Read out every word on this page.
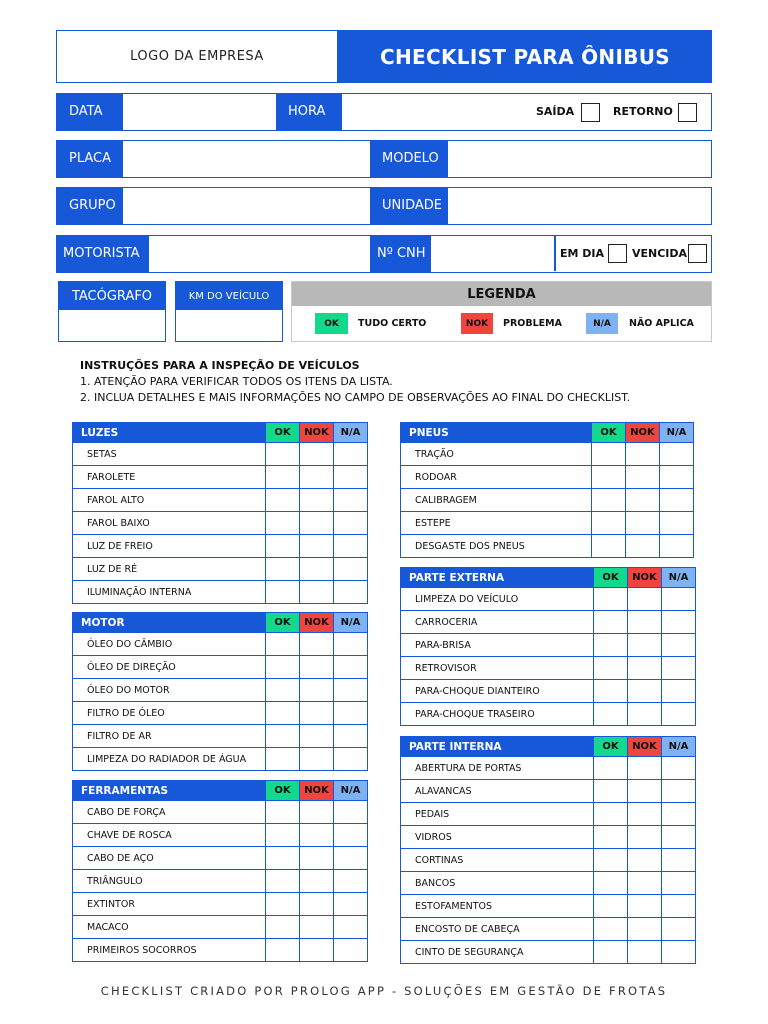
LOGO DA EMPRESA	CHECKLIST PARA ÔNIBUS
DATA	HORA	SAÍDA	RETORNO
PLACA	MODELO
GRUPO	UNIDADE
MOTORISTA	Nº CNH	EM DIA	VENCIDA
TACÓGRAFO	KM DO VEÍCULO	LEGENDA
OK	TUDO CERTO	NOK	PROBLEMA	N/A	NÃO APLICA
INSTRUÇÕES PARA A INSPEÇÃO DE VEÍCULOS
1. ATENÇÃO PARA VERIFICAR TODOS OS ITENS DA LISTA.
2. INCLUA DETALHES E MAIS INFORMAÇÕES NO CAMPO DE OBSERVAÇÕES AO FINAL DO CHECKLIST.
LUZES	OK	NOK	N/A
SETAS
FAROLETE
FAROL ALTO
FAROL BAIXO
LUZ DE FREIO
LUZ DE RÉ
ILUMINAÇÃO INTERNA
MOTOR	OK	NOK	N/A
ÓLEO DO CÂMBIO
ÓLEO DE DIREÇÃO
ÓLEO DO MOTOR
FILTRO DE ÓLEO
FILTRO DE AR
LIMPEZA DO RADIADOR DE ÁGUA
FERRAMENTAS	OK	NOK	N/A
CABO DE FORÇA
CHAVE DE ROSCA
CABO DE AÇO
TRIÂNGULO
EXTINTOR
MACACO
PRIMEIROS SOCORROS
PNEUS	OK	NOK	N/A
TRAÇÃO
RODOAR
CALIBRAGEM
ESTEPE
DESGASTE DOS PNEUS
PARTE EXTERNA	OK	NOK	N/A
LIMPEZA DO VEÍCULO
CARROCERIA
PARA-BRISA
RETROVISOR
PARA-CHOQUE DIANTEIRO
PARA-CHOQUE TRASEIRO
PARTE INTERNA	OK	NOK	N/A
ABERTURA DE PORTAS
ALAVANCAS
PEDAIS
VIDROS
CORTINAS
BANCOS
ESTOFAMENTOS
ENCOSTO DE CABEÇA
CINTO DE SEGURANÇA
CHECKLIST CRIADO POR PROLOG APP - SOLUÇÕES EM GESTÃO DE FROTAS
